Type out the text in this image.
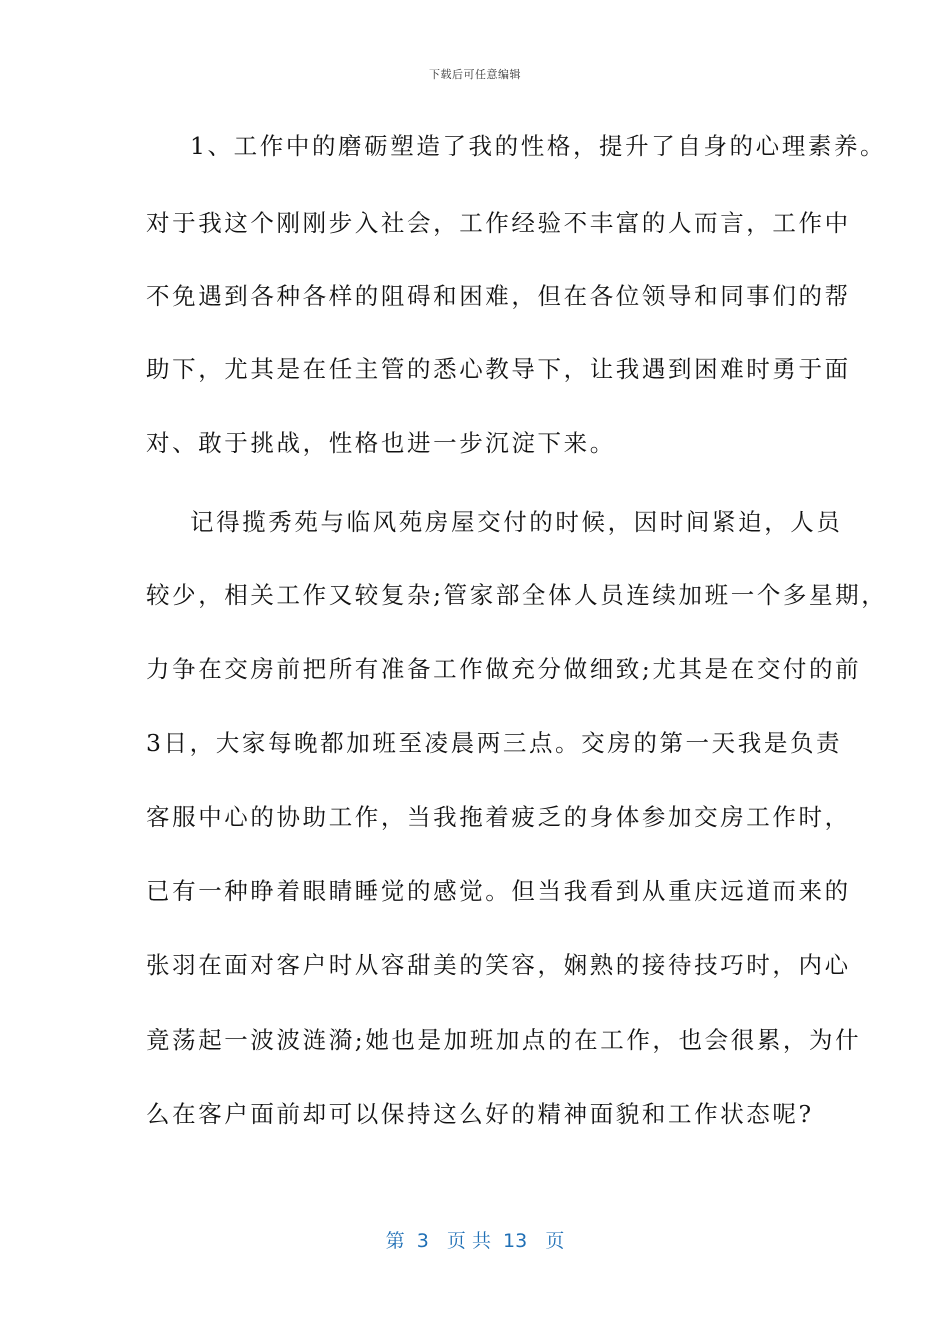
下载后可任意编辑
1、工作中的磨砺塑造了我的性格，提升了自身的心理素养。
对于我这个刚刚步入社会，工作经验不丰富的人而言，工作中
不免遇到各种各样的阻碍和困难，但在各位领导和同事们的帮
助下，尤其是在任主管的悉心教导下，让我遇到困难时勇于面
对、敢于挑战，性格也进一步沉淀下来。
记得揽秀苑与临风苑房屋交付的时候，因时间紧迫，人员
较少，相关工作又较复杂;管家部全体人员连续加班一个多星期，
力争在交房前把所有准备工作做充分做细致;尤其是在交付的前
3日，大家每晚都加班至凌晨两三点。交房的第一天我是负责
客服中心的协助工作，当我拖着疲乏的身体参加交房工作时，
已有一种睁着眼睛睡觉的感觉。但当我看到从重庆远道而来的
张羽在面对客户时从容甜美的笑容，娴熟的接待技巧时，内心
竟荡起一波波涟漪;她也是加班加点的在工作，也会很累，为什
么在客户面前却可以保持这么好的精神面貌和工作状态呢?
第  3   页 共  13   页
